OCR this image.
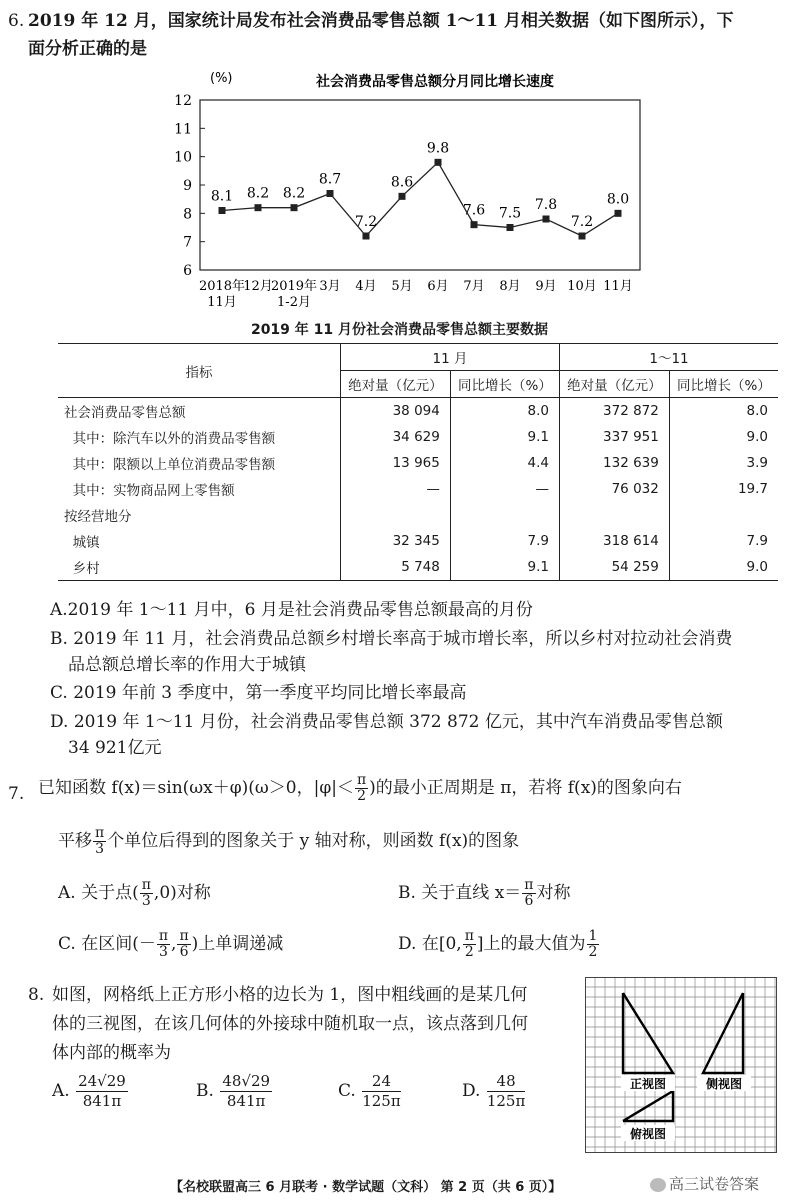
6. 2019 年 12 月，国家统计局发布社会消费品零售总额 1～11 月相关数据（如下图所示），下
面分析正确的是
(%)	社会消费品零售总额分月同比增长速度
6
7
8
9
10
11
12
8.1
2018年
11月
8.2
12月
8.2
2019年
1-2月
8.7
3月
7.2
4月
8.6
5月
9.8
6月
7.6
7月
7.5
8月
7.8
9月
7.2
10月
8.0
11月
2019 年 11 月份社会消费品零售总额主要数据
指标	11 月		1～11	
	绝对量（亿元）	同比增长（%）	绝对量（亿元）	同比增长（%）
社会消费品零售总额	38 094	8.0	372 872	8.0
其中：除汽车以外的消费品零售额	34 629	9.1	337 951	9.0
其中：限额以上单位消费品零售额	13 965	4.4	132 639	3.9
其中：实物商品网上零售额	—	—	76 032	19.7
按经营地分				
城镇	32 345	7.9	318 614	7.9
乡村	5 748	9.1	54 259	9.0
A.2019 年 1～11 月中，6 月是社会消费品零售总额最高的月份
B. 2019 年 11 月，社会消费品总额乡村增长率高于城市增长率，所以乡村对拉动社会消费
品总额总增长率的作用大于城镇
C. 2019 年前 3 季度中，第一季度平均同比增长率最高
D. 2019 年 1～11 月份，社会消费品零售总额 372 872 亿元，其中汽车消费品零售总额
34 921亿元
7. 已知函数 f(x)＝sin(ωx＋φ)(ω＞0，$|\varphi|< \frac{\pi}{2}$ )的最小正周期是 π，若将 f(x)的图象向右
平移 $\frac{\pi}{3}$ 个单位后得到的图象关于 y 轴对称，则函数 f(x)的图象
A. 关于点( $\frac{\pi}{3} ,0$)对称	B. 关于直线 $x= \frac{\pi}{6}$ 对称
C. 在区间(－ $\frac{\pi}{3}$ , $\frac{\pi}{6}$ )上单调递减	D. 在[0, $\frac{\pi}{2}$ ]上的最大值为 $\frac{1}{2}$
8. 如图，网格纸上正方形小格的边长为 1，图中粗线画的是某几何
体的三视图，在该几何体的外接球中随机取一点，该点落到几何
体内部的概率为
A. $\frac{24√29}{841\pi}$	B. $\frac{48√29}{841\pi}$	C. $\frac{24}{125\pi}$	D. $\frac{48}{125\pi}$	正视图	侧视图
俯视图
【名校联盟高三 6 月联考 · 数学试题（文科） 第 2 页（共 6 页）】	高三试卷答案
